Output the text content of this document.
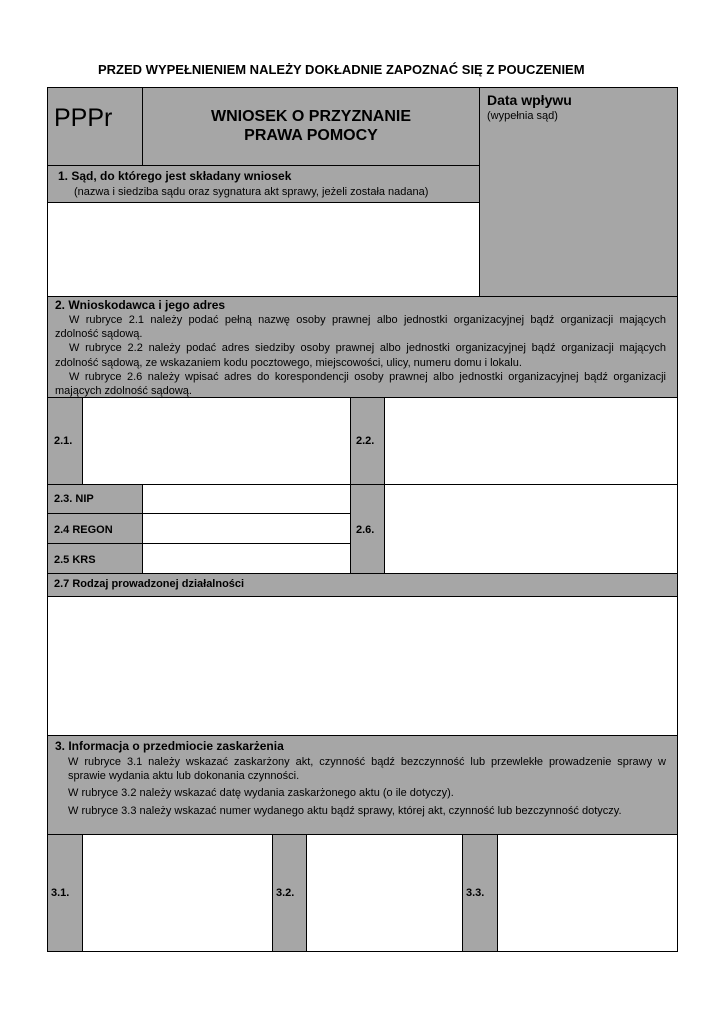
PRZED WYPEŁNIENIEM NALEŻY DOKŁADNIE ZAPOZNAĆ SIĘ Z POUCZENIEM
PPPr	WNIOSEK O PRZYZNANIE
PRAWA POMOCY
Data wpływu
(wypełnia sąd)
1. Sąd, do którego jest składany wniosek
(nazwa i siedziba sądu oraz sygnatura akt sprawy, jeżeli została nadana)
2. Wnioskodawca i jego adres
W rubryce 2.1 należy podać pełną nazwę osoby prawnej albo jednostki organizacyjnej bądź organizacji mających zdolność sądową.
W rubryce 2.2 należy podać adres siedziby osoby prawnej albo jednostki organizacyjnej bądź organizacji mających zdolność sądową, ze wskazaniem kodu pocztowego, miejscowości, ulicy, numeru domu i lokalu.
W rubryce 2.6 należy wpisać adres do korespondencji osoby prawnej albo jednostki organizacyjnej bądź organizacji mających zdolność sądową.
2.1.	2.2.
2.3. NIP
2.4 REGON
2.5 KRS
2.6.
2.7 Rodzaj prowadzonej działalności
3. Informacja o przedmiocie zaskarżenia
W rubryce 3.1 należy wskazać zaskarżony akt, czynność bądź bezczynność lub przewlekłe prowadzenie sprawy w sprawie wydania aktu lub dokonania czynności.
W rubryce 3.2 należy wskazać datę wydania zaskarżonego aktu (o ile dotyczy).
W rubryce 3.3 należy wskazać numer wydanego aktu bądź sprawy, której akt, czynność lub bezczynność dotyczy.
3.1.	3.2.	3.3.
